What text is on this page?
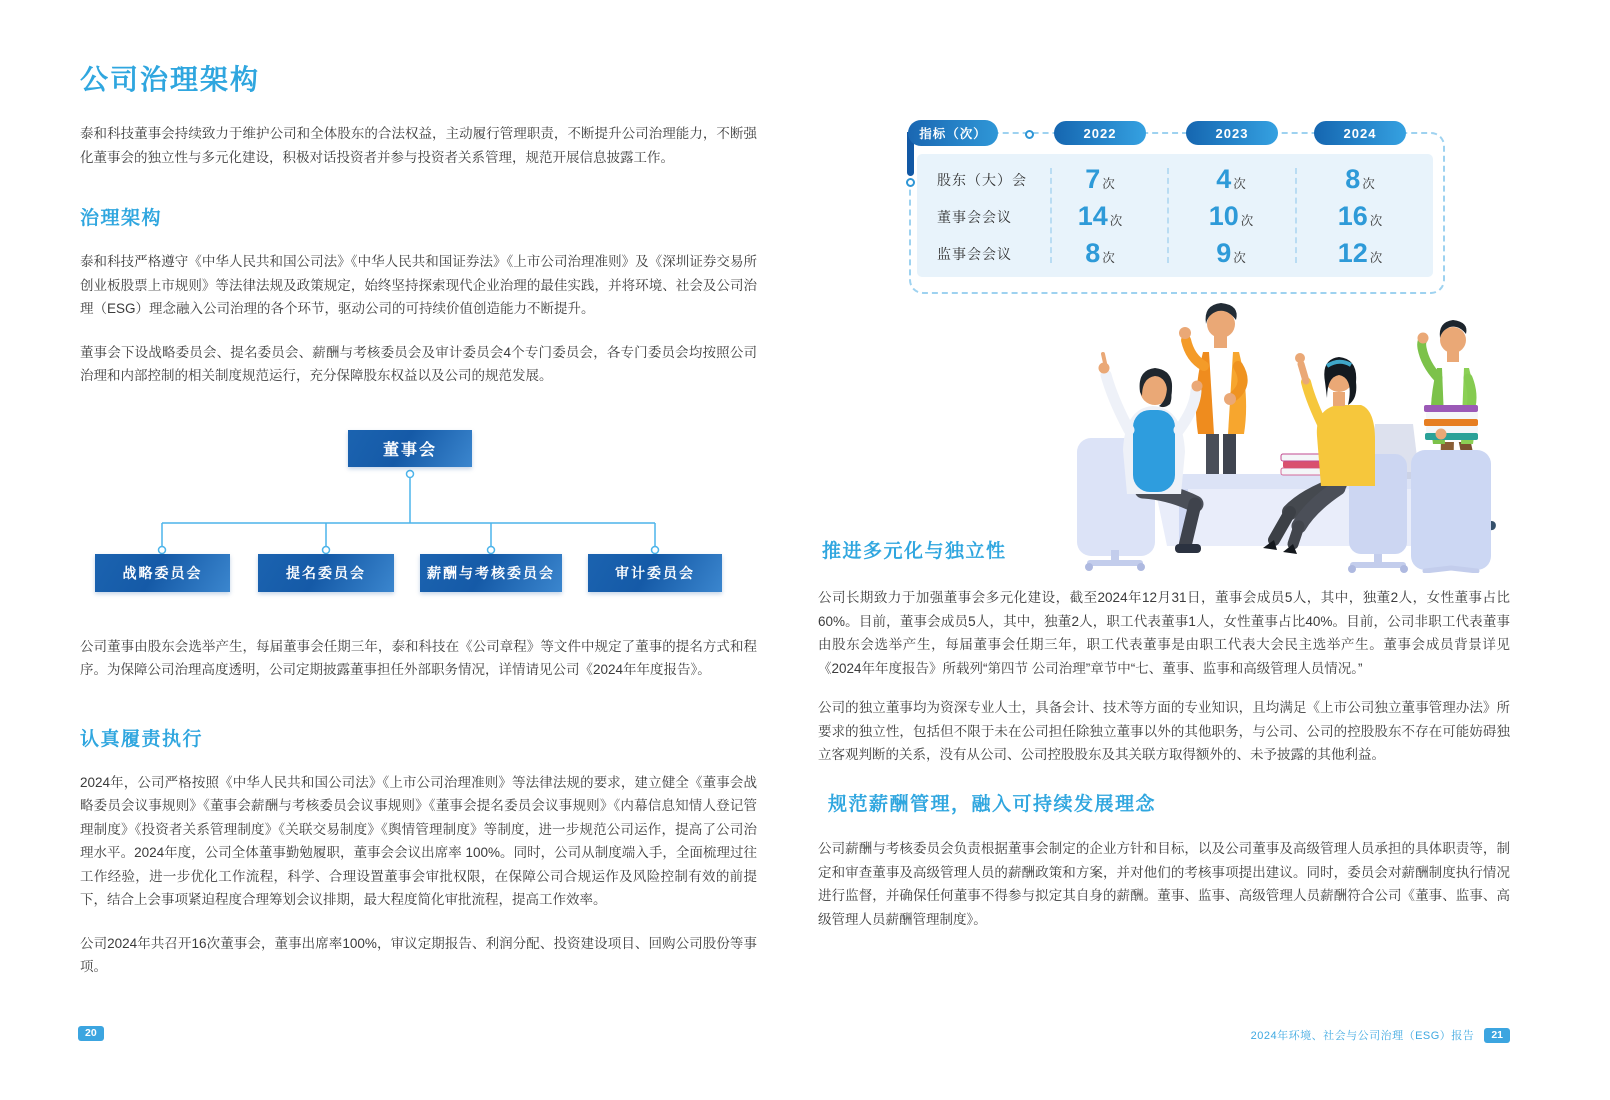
公司治理架构

泰和科技董事会持续致力于维护公司和全体股东的合法权益，主动履行管理职责，不断提升公司治理能力，不断强化董事会的独立性与多元化建设，积极对话投资者并参与投资者关系管理，规范开展信息披露工作。

治理架构

泰和科技严格遵守《中华人民共和国公司法》《中华人民共和国证券法》《上市公司治理准则》及《深圳证券交易所创业板股票上市规则》等法律法规及政策规定，始终坚持探索现代企业治理的最佳实践，并将环境、社会及公司治理（ESG）理念融入公司治理的各个环节，驱动公司的可持续价值创造能力不断提升。

董事会下设战略委员会、提名委员会、薪酬与考核委员会及审计委员会4个专门委员会，各专门委员会均按照公司治理和内部控制的相关制度规范运行，充分保障股东权益以及公司的规范发展。

董事会
战略委员会	提名委员会	薪酬与考核委员会	审计委员会

公司董事由股东会选举产生，每届董事会任期三年，泰和科技在《公司章程》等文件中规定了董事的提名方式和程序。为保障公司治理高度透明，公司定期披露董事担任外部职务情况，详情请见公司《2024年年度报告》。

认真履责执行

2024年，公司严格按照《中华人民共和国公司法》《上市公司治理准则》等法律法规的要求，建立健全《董事会战略委员会议事规则》《董事会薪酬与考核委员会议事规则》《董事会提名委员会议事规则》《内幕信息知情人登记管理制度》《投资者关系管理制度》《关联交易制度》《舆情管理制度》等制度，进一步规范公司运作，提高了公司治理水平。2024年度，公司全体董事勤勉履职，董事会会议出席率 100%。同时，公司从制度端入手，全面梳理过往工作经验，进一步优化工作流程，科学、合理设置董事会审批权限，在保障公司合规运作及风险控制有效的前提下，结合上会事项紧迫程度合理筹划会议排期，最大程度简化审批流程，提高工作效率。

公司2024年共召开16次董事会，董事出席率100%，审议定期报告、利润分配、投资建设项目、回购公司股份等事项。

股东（大）会 7 次	4 次	8 次
董事会会议 14 次	10 次	16 次
监事会会议	8 次	9 次	12 次
指标（次）	2022	2023	2024
推进多元化与独立性

公司长期致力于加强董事会多元化建设，截至2024年12月31日，董事会成员5人，其中，独董2人，女性董事占比60%。目前，董事会成员5人，其中，独董2人，职工代表董事1人，女性董事占比40%。目前，公司非职工代表董事由股东会选举产生，每届董事会任期三年，职工代表董事是由职工代表大会民主选举产生。董事会成员背景详见《2024年年度报告》所载列“第四节 公司治理”章节中“七、董事、监事和高级管理人员情况。”

公司的独立董事均为资深专业人士，具备会计、技术等方面的专业知识，且均满足《上市公司独立董事管理办法》所要求的独立性，包括但不限于未在公司担任除独立董事以外的其他职务，与公司、公司的控股股东不存在可能妨碍独立客观判断的关系，没有从公司、公司控股股东及其关联方取得额外的、未予披露的其他利益。

规范薪酬管理，融入可持续发展理念

公司薪酬与考核委员会负责根据董事会制定的企业方针和目标，以及公司董事及高级管理人员承担的具体职责等，制定和审查董事及高级管理人员的薪酬政策和方案，并对他们的考核事项提出建议。同时，委员会对薪酬制度执行情况进行监督，并确保任何董事不得参与拟定其自身的薪酬。董事、监事、高级管理人员薪酬符合公司《董事、监事、高级管理人员薪酬管理制度》。

20	2024年环境、社会与公司治理（ESG）报告	21
